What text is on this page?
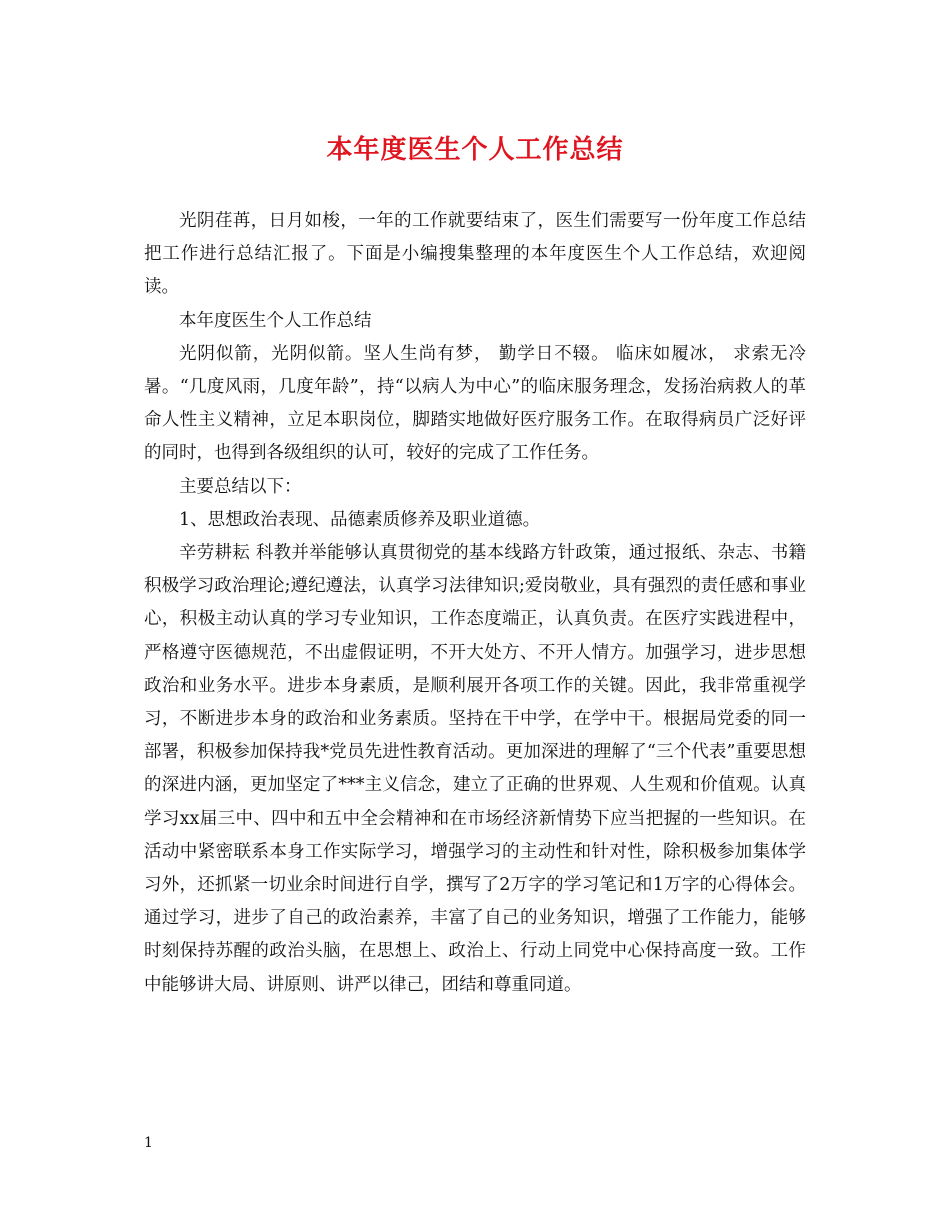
本年度医生个人工作总结

光阴荏苒，日月如梭，一年的工作就要结束了，医生们需要写一份年度工作总结把工作进行总结汇报了。下面是小编搜集整理的本年度医生个人工作总结，欢迎阅读。

本年度医生个人工作总结

光阴似箭，光阴似箭。坚人生尚有梦， 勤学日不辍。 临床如履冰， 求索无冷暑。“几度风雨，几度年龄”，持“以病人为中心”的临床服务理念，发扬治病救人的革命人性主义精神，立足本职岗位，脚踏实地做好医疗服务工作。在取得病员广泛好评的同时，也得到各级组织的认可，较好的完成了工作任务。

主要总结以下：

1、思想政治表现、品德素质修养及职业道德。

辛劳耕耘 科教并举能够认真贯彻党的基本线路方针政策，通过报纸、杂志、书籍积极学习政治理论;遵纪遵法，认真学习法律知识;爱岗敬业，具有强烈的责任感和事业心，积极主动认真的学习专业知识，工作态度端正，认真负责。在医疗实践进程中，严格遵守医德规范，不出虚假证明，不开大处方、不开人情方。加强学习，进步思想政治和业务水平。进步本身素质，是顺利展开各项工作的关键。因此，我非常重视学习，不断进步本身的政治和业务素质。坚持在干中学，在学中干。根据局党委的同一部署，积极参加保持我*党员先进性教育活动。更加深进的理解了“三个代表”重要思想的深进内涵，更加坚定了***主义信念，建立了正确的世界观、人生观和价值观。认真学习xx届三中、四中和五中全会精神和在市场经济新情势下应当把握的一些知识。在活动中紧密联系本身工作实际学习，增强学习的主动性和针对性，除积极参加集体学习外，还抓紧一切业余时间进行自学，撰写了2万字的学习笔记和1万字的心得体会。通过学习，进步了自己的政治素养，丰富了自己的业务知识，增强了工作能力，能够时刻保持苏醒的政治头脑，在思想上、政治上、行动上同党中心保持高度一致。工作中能够讲大局、讲原则、讲严以律己，团结和尊重同道。

1
